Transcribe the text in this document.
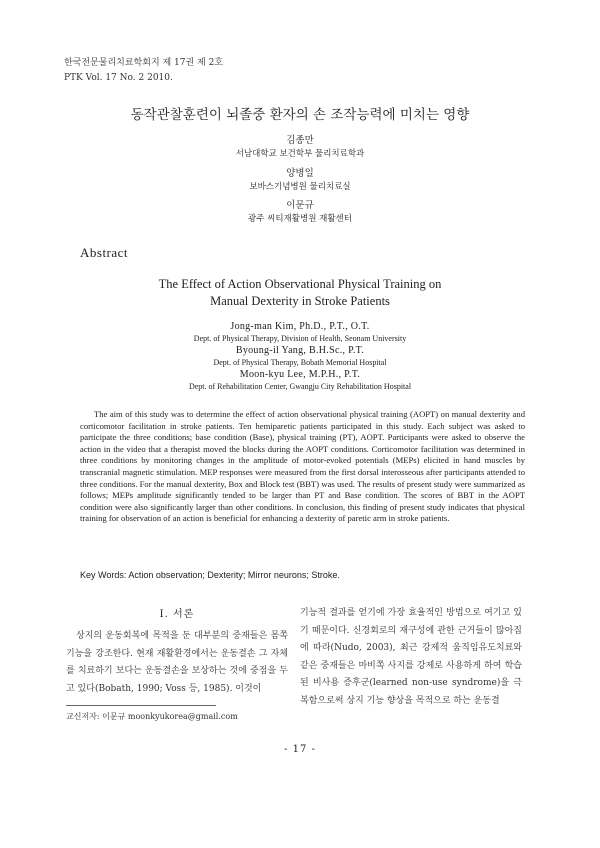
한국전문물리치료학회지 제 17권 제 2호
PTK Vol. 17 No. 2 2010.
동작관찰훈련이 뇌졸중 환자의 손 조작능력에 미치는 영향
김종만
서남대학교 보건학부 물리치료학과
양병일
보바스기념병원 물리치료실
이문규
광주 씨티재활병원 재활센터
Abstract
The Effect of Action Observational Physical Training on
Manual Dexterity in Stroke Patients
Jong-man Kim, Ph.D., P.T., O.T.
Dept. of Physical Therapy, Division of Health, Seonam University
Byoung-il Yang, B.H.Sc., P.T.
Dept. of Physical Therapy, Bobath Memorial Hospital
Moon-kyu Lee, M.P.H., P.T.
Dept. of Rehabilitation Center, Gwangju City Rehabilitation Hospital
The aim of this study was to determine the effect of action observational physical training (AOPT) on manual dexterity and corticomotor facilitation in stroke patients. Ten hemiparetic patients participated in this study. Each subject was asked to participate the three conditions; base condition (Base), physical training (PT), AOPT. Participants were asked to observe the action in the video that a therapist moved the blocks during the AOPT conditions. Corticomotor facilitation was determined in three conditions by monitoring changes in the amplitude of motor-evoked potentials (MEPs) elicited in hand muscles by transcranial magnetic stimulation. MEP responses were measured from the first dorsal interosseous after participants attended to three conditions. For the manual dexterity, Box and Block test (BBT) was used. The results of present study were summarized as follows; MEPs amplitude significantly tended to be larger than PT and Base condition. The scores of BBT in the AOPT condition were also significantly larger than other conditions. In conclusion, this finding of present study indicates that physical training for observation of an action is beneficial for enhancing a dexterity of paretic arm in stroke patients.
Key Words: Action observation; Dexterity; Mirror neurons; Stroke.
Ⅰ. 서론
상지의 운동회복에 목적을 둔 대부분의 중재들은 몸쪽 기능을 강조한다. 현재 재활환경에서는 운동결손 그 자체를 치료하기 보다는 운동결손을 보상하는 것에 중점을 두고 있다(Bobath, 1990; Voss 등, 1985). 이것이
기능적 결과를 얻기에 가장 효율적인 방법으로 여기고 있기 때문이다. 신경회로의 재구성에 관한 근거들이 많아짐에 따라(Nudo, 2003), 최근 강제적 움직임유도치료와 같은 중재들은 마비쪽 사지를 강제로 사용하게 하여 학습된 비사용 증후군(learned non-use syndrome)을 극복함으로써 상지 기능 향상을 목적으로 하는 운동결
교신저자: 이문규 moonkyukorea@gmail.com
- 17 -
